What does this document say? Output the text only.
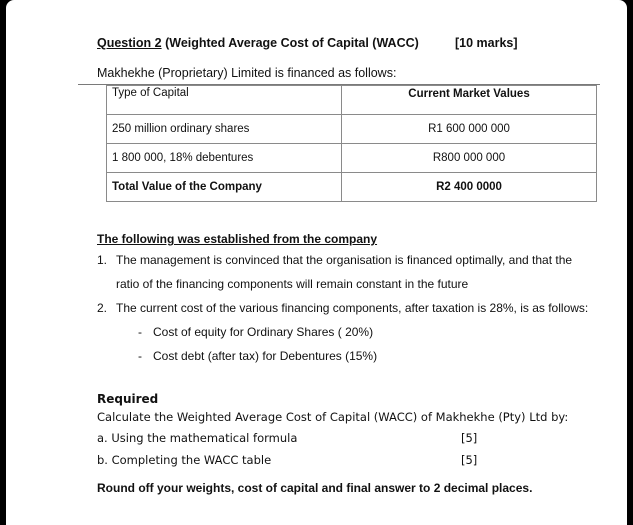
Question 2 (Weighted Average Cost of Capital (WACC)	[10 marks]
Makhekhe (Proprietary) Limited is financed as follows:
Type of Capital	Current Market Values
250 million ordinary shares	R1 600 000 000
1 800 000, 18% debentures	R800 000 000
Total Value of the Company	R2 400 0000
The following was established from the company
1. The management is convinced that the organisation is financed optimally, and that the ratio of the financing components will remain constant in the future
2. The current cost of the various financing components, after taxation is 28%, is as follows:
- Cost of equity for Ordinary Shares ( 20%)
- Cost debt (after tax) for Debentures (15%)
Required
Calculate the Weighted Average Cost of Capital (WACC) of Makhekhe (Pty) Ltd by:
a. Using the mathematical formula	[5]
b. Completing the WACC table	[5]
Round off your weights, cost of capital and final answer to 2 decimal places.
